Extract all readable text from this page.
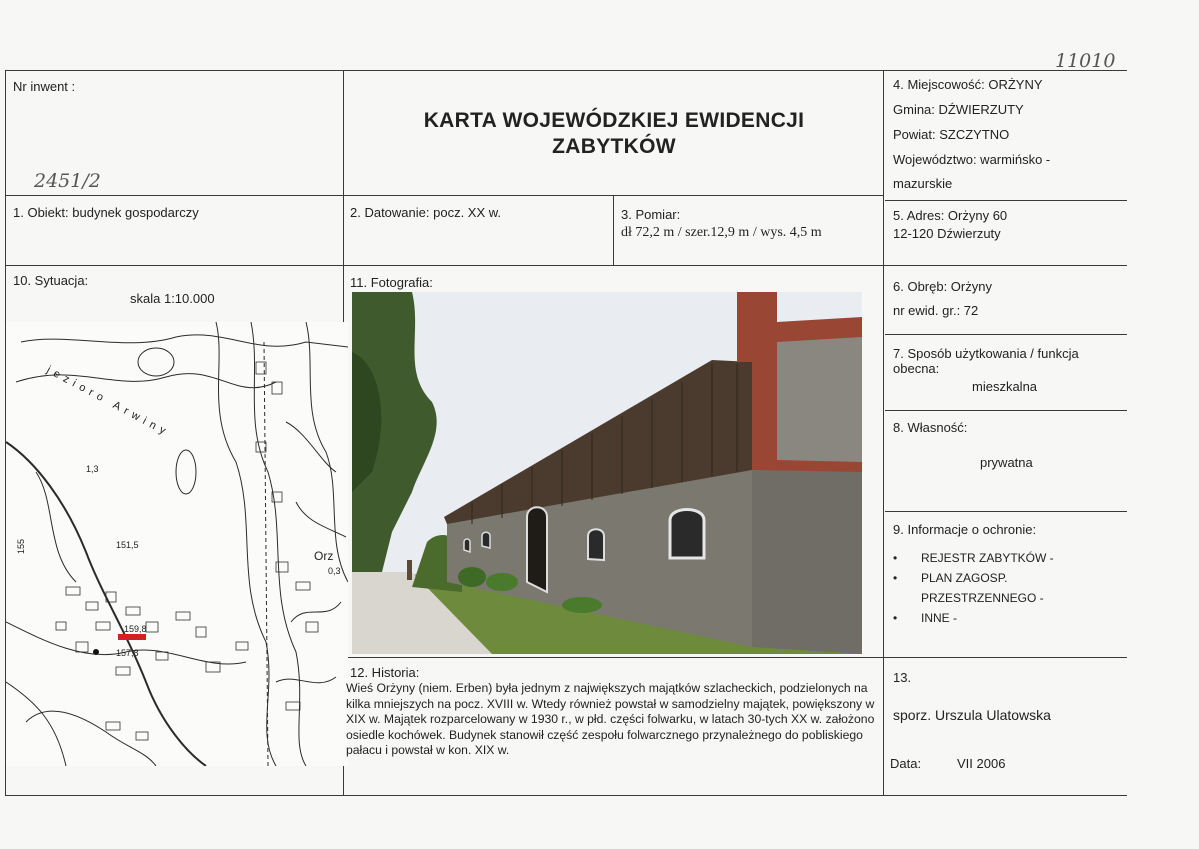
11010
2451/2
Nr inwent :
KARTA WOJEWÓDZKIEJ EWIDENCJI
ZABYTKÓW
4. Miejscowość: ORŻYNY
Gmina: DŹWIERZUTY
Powiat: SZCZYTNO
Województwo: warmińsko -
mazurskie
1. Obiekt: budynek gospodarczy	2. Datowanie: pocz. XX w.	3. Pomiar:
dł 72,2 m / szer.12,9 m / wys. 4,5 m
5. Adres: Orżyny 60
12-120 Dźwierzuty
10. Sytuacja:
skala 1:10.000
11. Fotografia:
jezioro Arwiny
151,5
157,8
159,8
155
1,3
0,3
Orz
6. Obręb: Orżyny
nr ewid. gr.: 72
7. Sposób użytkowania / funkcja
obecna:
mieszkalna
8. Własność:
prywatna
9. Informacje o ochronie:
• REJESTR ZABYTKÓW -
• PLAN ZAGOSP.
PRZESTRZENNEGO -
• INNE -
12. Historia:
Wieś Orżyny (niem. Erben) była jednym z największych majątków szlacheckich, podzielonych na kilka mniejszych na pocz. XVIII w. Wtedy również powstał w samodzielny majątek, powiększony w XIX w. Majątek rozparcelowany w 1930 r., w płd. części folwarku, w latach 30-tych XX w. założono osiedle kochówek. Budynek stanowił część zespołu folwarcznego przynależnego do pobliskiego pałacu i powstał w kon. XIX w.
13.
sporz. Urszula Ulatowska
Data:	VII 2006
